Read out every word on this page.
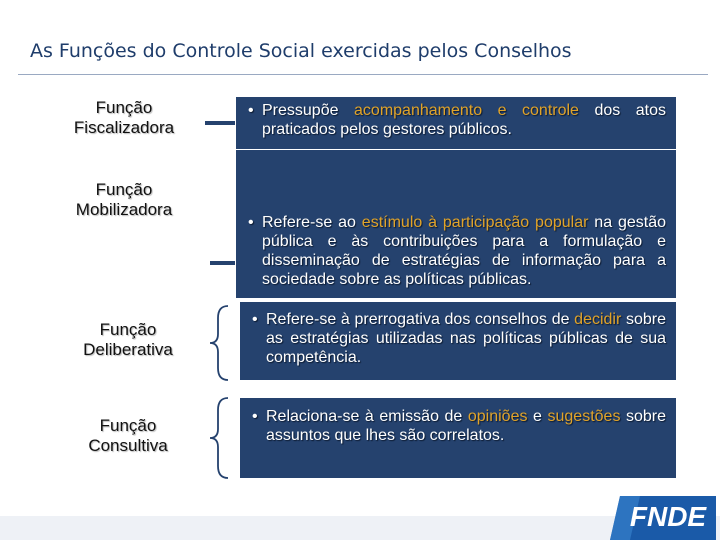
As Funções do Controle Social exercidas pelos Conselhos
Função
Fiscalizadora
Função
Mobilizadora
Função
Deliberativa
Função
Consultiva
• Pressupõe acompanhamento e controle dos atos praticados pelos gestores públicos.
• Refere-se ao estímulo à participação popular na gestão pública e às contribuições para a formulação e disseminação de estratégias de informação para a sociedade sobre as políticas públicas.
• Refere-se à prerrogativa dos conselhos de decidir sobre as estratégias utilizadas nas políticas públicas de sua competência.
• Relaciona-se à emissão de opiniões e sugestões sobre assuntos que lhes são correlatos.
FNDE
